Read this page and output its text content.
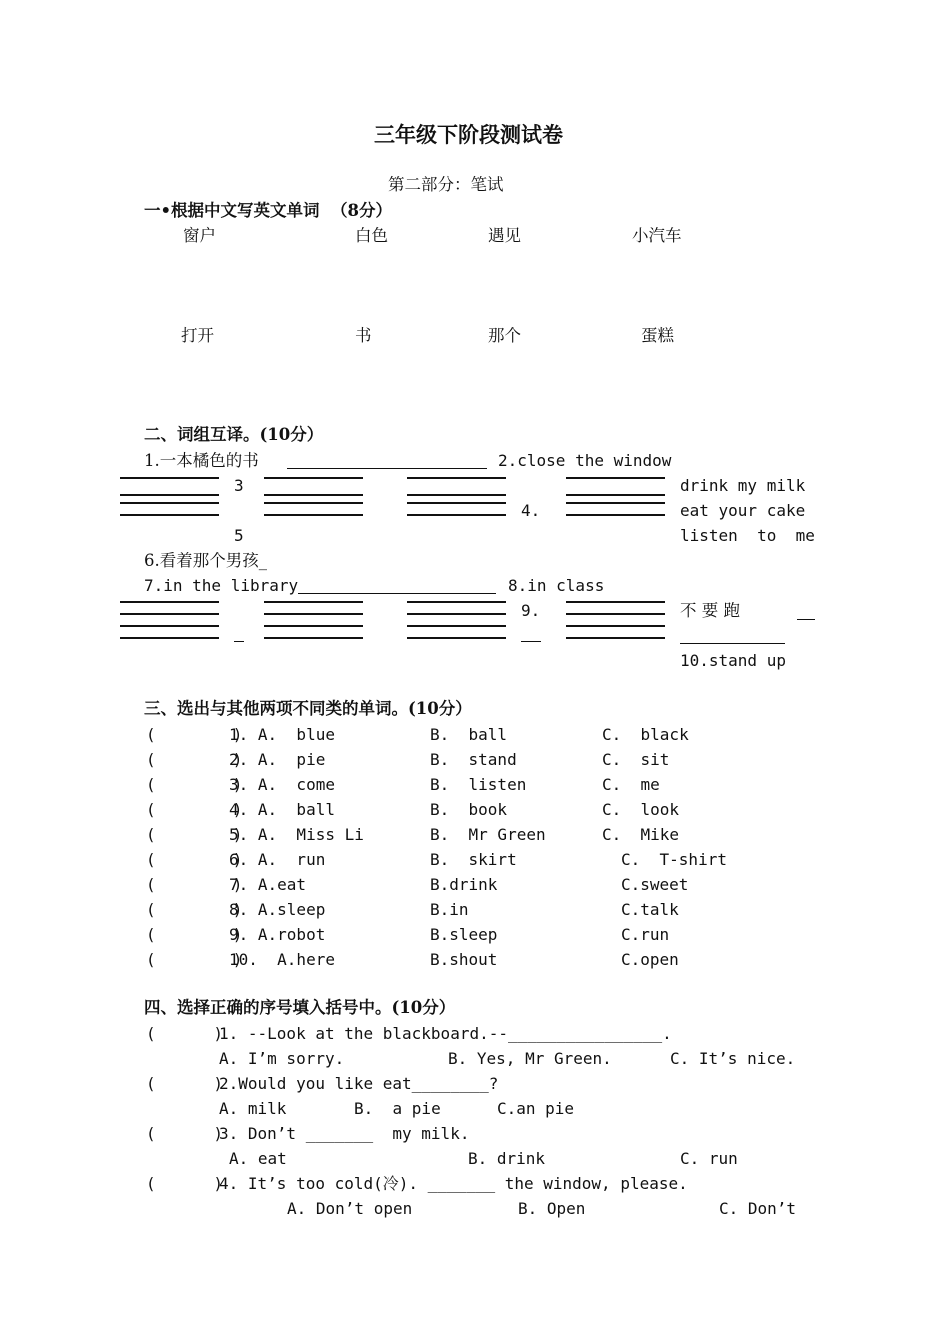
三年级下阶段测试卷
第二部分：笔试
一•根据中文写英文单词  （8分）
窗户	白色	遇见	小汽车
打开	书	那个	蛋糕
二、词组互译。(10分）
1.一本橘色的书	2.close the window
3
4.
5
drink my milk
eat your cake
listen  to  me
6.看着那个男孩_
7.in the library	8.in class
9.	不 要 跑
10.stand up
三、选出与其他两项不同类的单词。(10分）
(        )
1. A.  blue	B.  ball	C.  black
(        )
2. A.  pie	B.  stand	C.  sit
(        )
3. A.  come	B.  listen	C.  me
(        )
4. A.  ball	B.  book	C.  look
(        )
5. A.  Miss Li	B.  Mr Green	C.  Mike
(        )
6. A.  run	B.  skirt	C.  T-shirt
(        )
7. A.eat	B.drink	C.sweet
(        )
8. A.sleep	B.in	C.talk
(        )
9. A.robot	B.sleep	C.run
(        )
10.  A.here	B.shout	C.open
四、选择正确的序号填入括号中。(10分）
(      )
1. --Look at the blackboard.--________________.
A. I’m sorry.	B. Yes, Mr Green.	C. It’s nice.
(      )
2.Would you like eat________?
A. milk	B.  a pie	C.an pie
(      )
3. Don’t _______  my milk.
A. eat	B. drink	C. run
(      )
4. It’s too cold(冷). _______ the window, please.
A. Don’t open	B. Open	C. Don’t
